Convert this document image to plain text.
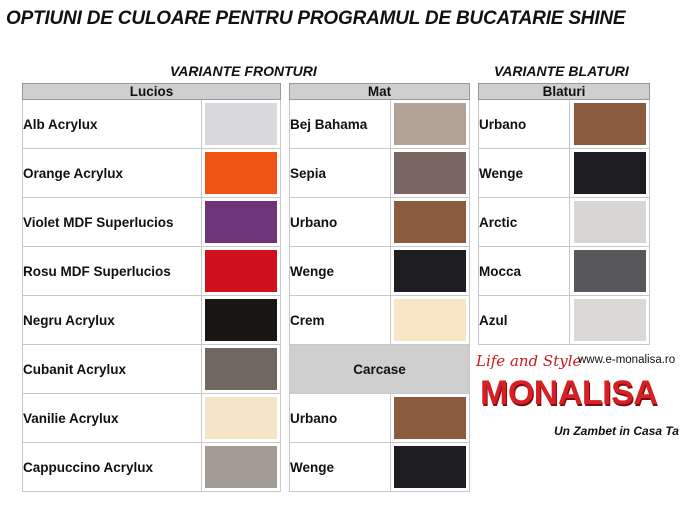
OPTIUNI DE CULOARE PENTRU PROGRAMUL DE BUCATARIE SHINE
VARIANTE FRONTURI	VARIANTE BLATURI
Lucios	
Alb Acrylux	
Orange Acrylux	
Violet MDF Superlucios	
Rosu MDF Superlucios	
Negru Acrylux	
Cubanit Acrylux	
Vanilie Acrylux	
Cappuccino Acrylux	
Mat	
Bej Bahama	
Sepia	
Urbano	
Wenge	
Crem	
Carcase	
Urbano	
Wenge	
Blaturi	
Urbano	
Wenge	
Arctic	
Mocca	
Azul	
Life and Style
www.e-monalisa.ro
MONALISA
Un Zambet in Casa Ta
